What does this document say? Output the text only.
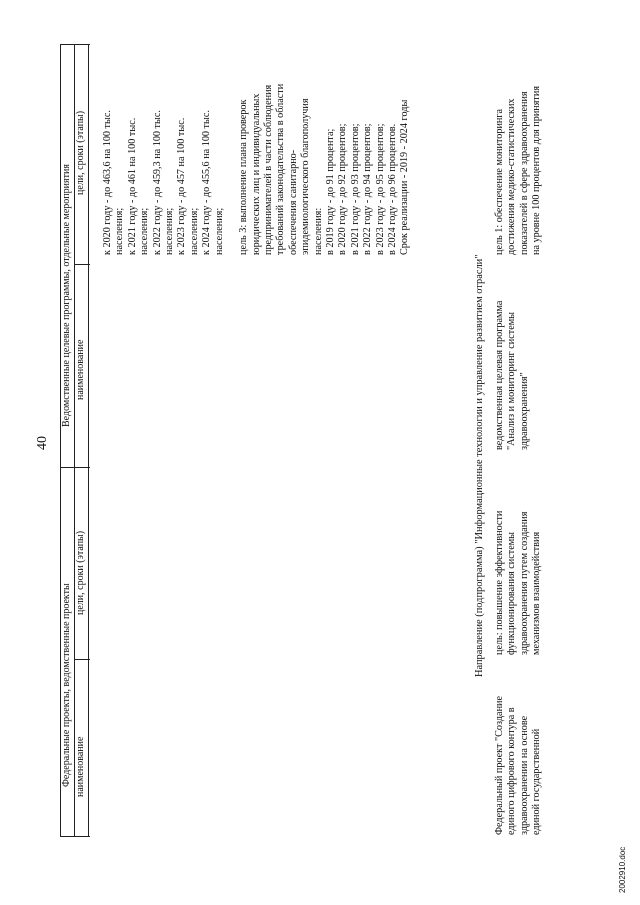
40
Федеральные проекты, ведомственные проекты
Ведомственные целевые программы, отдельные мероприятия
наименование
цели, сроки (этапы)
наименование
цели, сроки (этапы) к 2020 году - до 463,6 на 100 тыс. населения; к 2021 году - до 461 на 100 тыс. населения; к 2022 году - до 459,3 на 100 тыс. населения; к 2023 году - до 457 на 100 тыс. населения; к 2024 году - до 455,6 на 100 тыс. населения; цель 3: выполнение плана проверок юридических лиц и индивидуальных предпринимателей в части соблюдения требований законодательства в области обеспечения санитарно- эпидемиологического благополучия населения: в 2019 году - до 91 процента; в 2020 году - до 92 процентов; в 2021 году - до 93 процентов; в 2022 году - до 94 процентов; в 2023 году - до 95 процентов; в 2024 году - до 96 процентов. Срок реализации - 2019 - 2024 годы
Направление (подпрограмма) "Информационные технологии и управление развитием отрасли"
Федеральный проект "Создание единого цифрового контура в здравоохранении на основе единой государственной
цель: повышение эффективности функционирования системы здравоохранения путем создания механизмов взаимодействия
ведомственная целевая программа "Анализ и мониторинг системы здравоохранения"
цель 1: обеспечение мониторинга достижения медико-статистических показателей в сфере здравоохранения на уровне 100 процентов для принятия
2002910.doc
